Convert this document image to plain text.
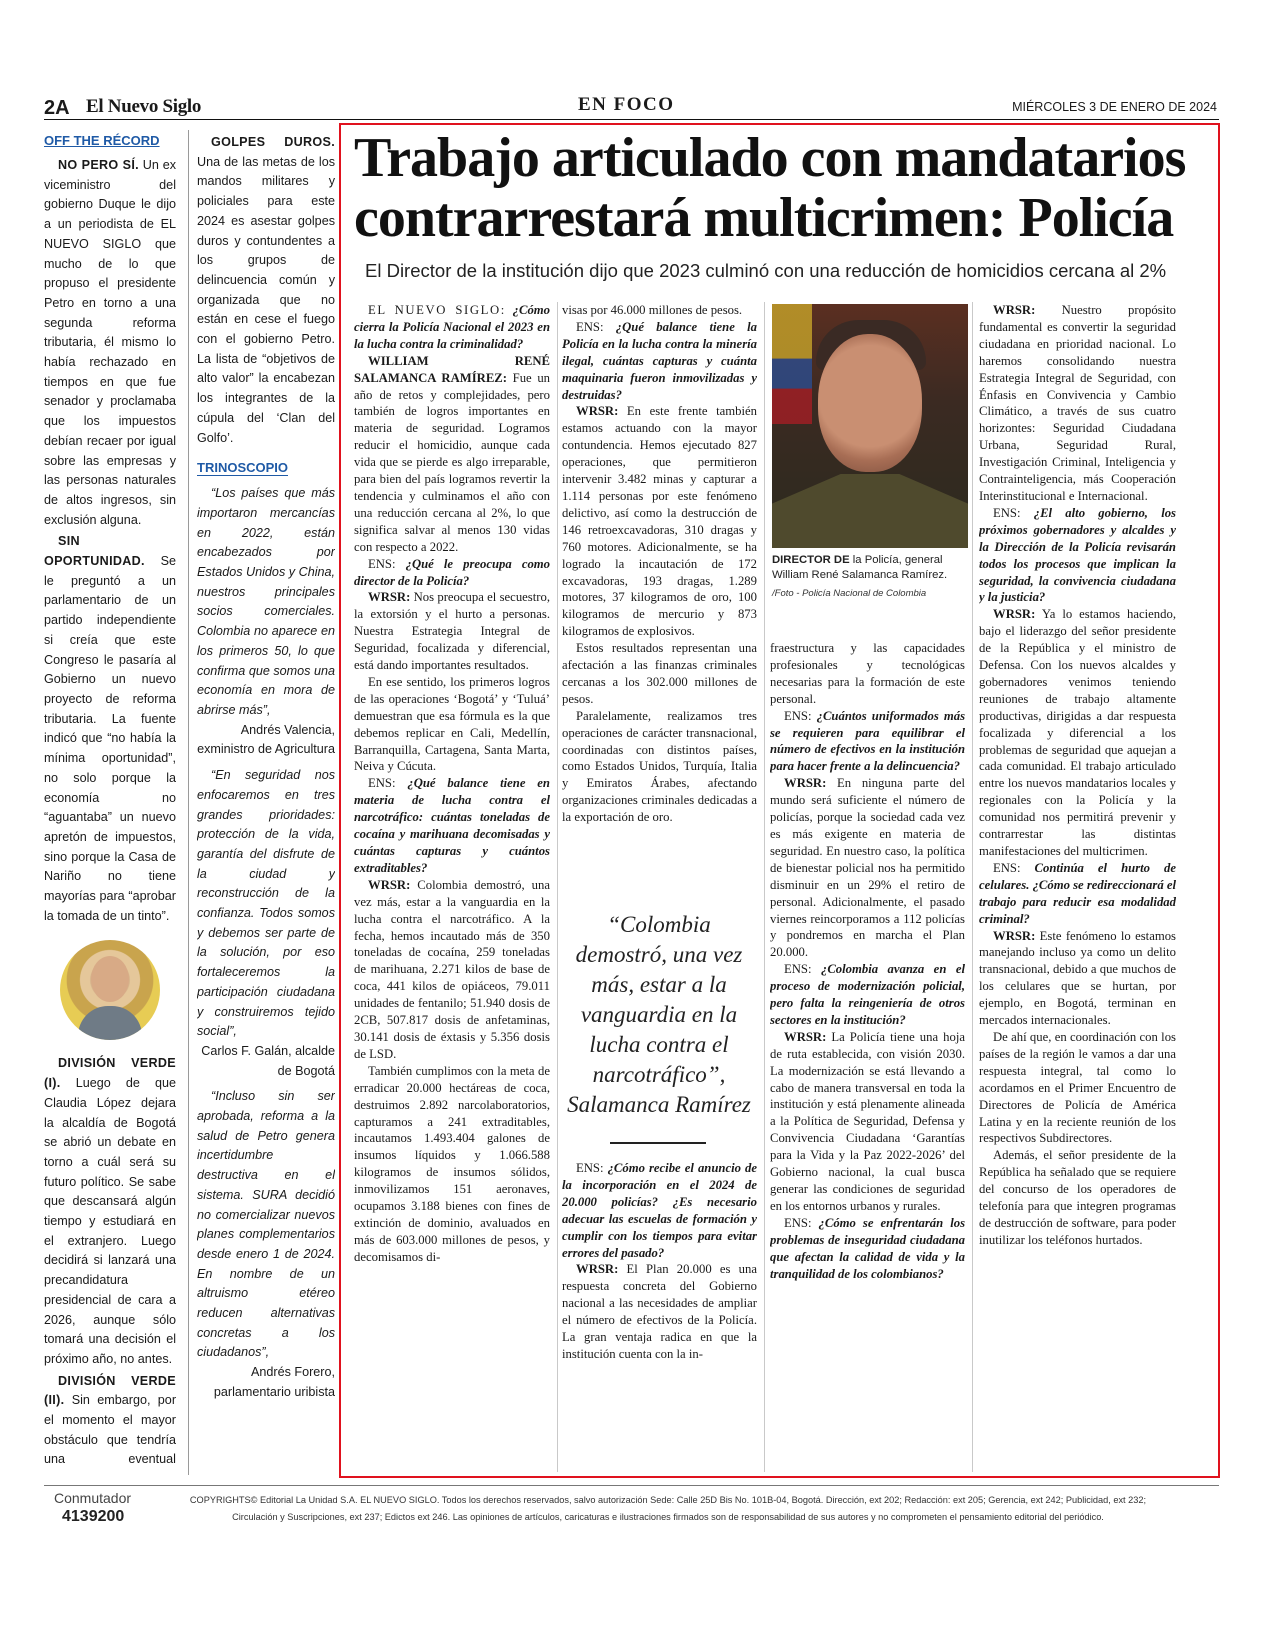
2A El Nuevo Siglo	EN FOCO	MIÉRCOLES 3 DE ENERO DE 2024
OFF THE RÉCORD

NO PERO SÍ. Un ex viceministro del gobierno Duque le dijo a un periodista de EL NUEVO SIGLO que mucho de lo que propuso el presidente Petro en torno a una segunda reforma tributaria, él mismo lo había rechazado en tiempos en que fue senador y proclamaba que los impuestos debían recaer por igual sobre las empresas y las personas naturales de altos ingresos, sin exclusión alguna.

SIN OPORTUNIDAD. Se le preguntó a un parlamentario de un partido independiente si creía que este Congreso le pasaría al Gobierno un nuevo proyecto de reforma tributaria. La fuente indicó que “no había la mínima oportunidad”, no solo porque la economía no “aguantaba” un nuevo apretón de impuestos, sino porque la Casa de Nariño no tiene mayorías para “aprobar la tomada de un tinto”.

DIVISIÓN VERDE (I). Luego de que Claudia López dejara la alcaldía de Bogotá se abrió un debate en torno a cuál será su futuro político. Se sabe que descansará algún tiempo y estudiará en el extranjero. Luego decidirá si lanzará una precandidatura presidencial de cara a 2026, aunque sólo tomará una decisión el próximo año, no antes.

DIVISIÓN VERDE (II). Sin embargo, por el momento el mayor obstáculo que tendría una eventual

GOLPES DUROS. Una de las metas de los mandos militares y policiales para este 2024 es asestar golpes duros y contundentes a los grupos de delincuencia común y organizada que no están en cese el fuego con el gobierno Petro. La lista de “objetivos de alto valor” la encabezan los integrantes de la cúpula del ‘Clan del Golfo’.

TRINOSCOPIO

“Los países que más importaron mercancías en 2022, están encabezados por Estados Unidos y China, nuestros principales socios comerciales. Colombia no aparece en los primeros 50, lo que confirma que somos una economía en mora de abrirse más”,

Andrés Valencia, exministro de Agricultura

“En seguridad nos enfocaremos en tres grandes prioridades: protección de la vida, garantía del disfrute de la ciudad y reconstrucción de la confianza. Todos somos y debemos ser parte de la solución, por eso fortaleceremos la participación ciudadana y construiremos tejido social”,

Carlos F. Galán, alcalde de Bogotá

“Incluso sin ser aprobada, reforma a la salud de Petro genera incertidumbre destructiva en el sistema. SURA decidió no comercializar nuevos planes complementarios desde enero 1 de 2024. En nombre de un altruismo etéreo reducen alternativas concretas a los ciudadanos”,

Andrés Forero, parlamentario uribista

Trabajo articulado con mandatarios contrarrestará multicrimen: Policía
El Director de la institución dijo que 2023 culminó con una reducción de homicidios cercana al 2%

EL NUEVO SIGLO: ¿Cómo cierra la Policía Nacional el 2023 en la lucha contra la criminalidad?

WILLIAM RENÉ SALAMANCA RAMÍREZ: Fue un año de retos y complejidades, pero también de logros importantes en materia de seguridad. Logramos reducir el homicidio, aunque cada vida que se pierde es algo irreparable, para bien del país logramos revertir la tendencia y culminamos el año con una reducción cercana al 2%, lo que significa salvar al menos 130 vidas con respecto a 2022.

ENS: ¿Qué le preocupa como director de la Policía?

WRSR: Nos preocupa el secuestro, la extorsión y el hurto a personas. Nuestra Estrategia Integral de Seguridad, focalizada y diferencial, está dando importantes resultados.

En ese sentido, los primeros logros de las operaciones ‘Bogotá’ y ‘Tuluá’ demuestran que esa fórmula es la que debemos replicar en Cali, Medellín, Barranquilla, Cartagena, Santa Marta, Neiva y Cúcuta.

ENS: ¿Qué balance tiene en materia de lucha contra el narcotráfico: cuántas toneladas de cocaína y marihuana decomisadas y cuántas capturas y cuántos extraditables?

WRSR: Colombia demostró, una vez más, estar a la vanguardia en la lucha contra el narcotráfico. A la fecha, hemos incautado más de 350 toneladas de cocaína, 259 toneladas de marihuana, 2.271 kilos de base de coca, 441 kilos de opiáceos, 79.011 unidades de fentanilo; 51.940 dosis de 2CB, 507.817 dosis de anfetaminas, 30.141 dosis de éxtasis y 5.356 dosis de LSD.

También cumplimos con la meta de erradicar 20.000 hectáreas de coca, destruimos 2.892 narcolaboratorios, capturamos a 241 extraditables, incautamos 1.493.404 galones de insumos líquidos y 1.066.588 kilogramos de insumos sólidos, inmovilizamos 151 aeronaves, ocupamos 3.188 bienes con fines de extinción de dominio, avaluados en más de 603.000 millones de pesos, y decomisamos di-

visas por 46.000 millones de pesos.

ENS: ¿Qué balance tiene la Policía en la lucha contra la minería ilegal, cuántas capturas y cuánta maquinaria fueron inmovilizadas y destruidas?

WRSR: En este frente también estamos actuando con la mayor contundencia. Hemos ejecutado 827 operaciones, que permitieron intervenir 3.482 minas y capturar a 1.114 personas por este fenómeno delictivo, así como la destrucción de 146 retroexcavadoras, 310 dragas y 760 motores. Adicionalmente, se ha logrado la incautación de 172 excavadoras, 193 dragas, 1.289 motores, 37 kilogramos de oro, 100 kilogramos de mercurio y 873 kilogramos de explosivos.

Estos resultados representan una afectación a las finanzas criminales cercanas a los 302.000 millones de pesos.

Paralelamente, realizamos tres operaciones de carácter transnacional, coordinadas con distintos países, como Estados Unidos, Turquía, Italia y Emiratos Árabes, afectando organizaciones criminales dedicadas a la exportación de oro.

“Colombia demostró, una vez más, estar a la vanguardia en la lucha contra el narcotráfico”, Salamanca Ramírez

ENS: ¿Cómo recibe el anuncio de la incorporación en el 2024 de 20.000 policías? ¿Es necesario adecuar las escuelas de formación y cumplir con los tiempos para evitar errores del pasado?

WRSR: El Plan 20.000 es una respuesta concreta del Gobierno nacional a las necesidades de ampliar el número de efectivos de la Policía. La gran ventaja radica en que la institución cuenta con la in-

DIRECTOR DE la Policía, general William René Salamanca Ramírez.
/Foto - Policía Nacional de Colombia

fraestructura y las capacidades profesionales y tecnológicas necesarias para la formación de este personal.

ENS: ¿Cuántos uniformados más se requieren para equilibrar el número de efectivos en la institución para hacer frente a la delincuencia?

WRSR: En ninguna parte del mundo será suficiente el número de policías, porque la sociedad cada vez es más exigente en materia de seguridad. En nuestro caso, la política de bienestar policial nos ha permitido disminuir en un 29% el retiro de personal. Adicionalmente, el pasado viernes reincorporamos a 112 policías y pondremos en marcha el Plan 20.000.

ENS: ¿Colombia avanza en el proceso de modernización policial, pero falta la reingeniería de otros sectores en la institución?

WRSR: La Policía tiene una hoja de ruta establecida, con visión 2030. La modernización se está llevando a cabo de manera transversal en toda la institución y está plenamente alineada a la Política de Seguridad, Defensa y Convivencia Ciudadana ‘Garantías para la Vida y la Paz 2022-2026’ del Gobierno nacional, la cual busca generar las condiciones de seguridad en los entornos urbanos y rurales.

ENS: ¿Cómo se enfrentarán los problemas de inseguridad ciudadana que afectan la calidad de vida y la tranquilidad de los colombianos?

WRSR: Nuestro propósito fundamental es convertir la seguridad ciudadana en prioridad nacional. Lo haremos consolidando nuestra Estrategia Integral de Seguridad, con Énfasis en Convivencia y Cambio Climático, a través de sus cuatro horizontes: Seguridad Ciudadana Urbana, Seguridad Rural, Investigación Criminal, Inteligencia y Contrainteligencia, más Cooperación Interinstitucional e Internacional.

ENS: ¿El alto gobierno, los próximos gobernadores y alcaldes y la Dirección de la Policía revisarán todos los procesos que implican la seguridad, la convivencia ciudadana y la justicia?

WRSR: Ya lo estamos haciendo, bajo el liderazgo del señor presidente de la República y el ministro de Defensa. Con los nuevos alcaldes y gobernadores venimos teniendo reuniones de trabajo altamente productivas, dirigidas a dar respuesta focalizada y diferencial a los problemas de seguridad que aquejan a cada comunidad. El trabajo articulado entre los nuevos mandatarios locales y regionales con la Policía y la comunidad nos permitirá prevenir y contrarrestar las distintas manifestaciones del multicrimen.

ENS: Continúa el hurto de celulares. ¿Cómo se redireccionará el trabajo para reducir esa modalidad criminal?

WRSR: Este fenómeno lo estamos manejando incluso ya como un delito transnacional, debido a que muchos de los celulares que se hurtan, por ejemplo, en Bogotá, terminan en mercados internacionales.

De ahí que, en coordinación con los países de la región le vamos a dar una respuesta integral, tal como lo acordamos en el Primer Encuentro de Directores de Policía de América Latina y en la reciente reunión de los respectivos Subdirectores.

Además, el señor presidente de la República ha señalado que se requiere del concurso de los operadores de telefonía para que integren programas de destrucción de software, para poder inutilizar los teléfonos hurtados.

Conmutador
4139200
COPYRIGHTS© Editorial La Unidad S.A. EL NUEVO SIGLO. Todos los derechos reservados, salvo autorización Sede: Calle 25D Bis No. 101B-04, Bogotá. Dirección, ext 202; Redacción: ext 205; Gerencia, ext 242; Publicidad, ext 232;
Circulación y Suscripciones, ext 237; Edictos ext 246. Las opiniones de artículos, caricaturas e ilustraciones firmados son de responsabilidad de sus autores y no comprometen el pensamiento editorial del periódico.
